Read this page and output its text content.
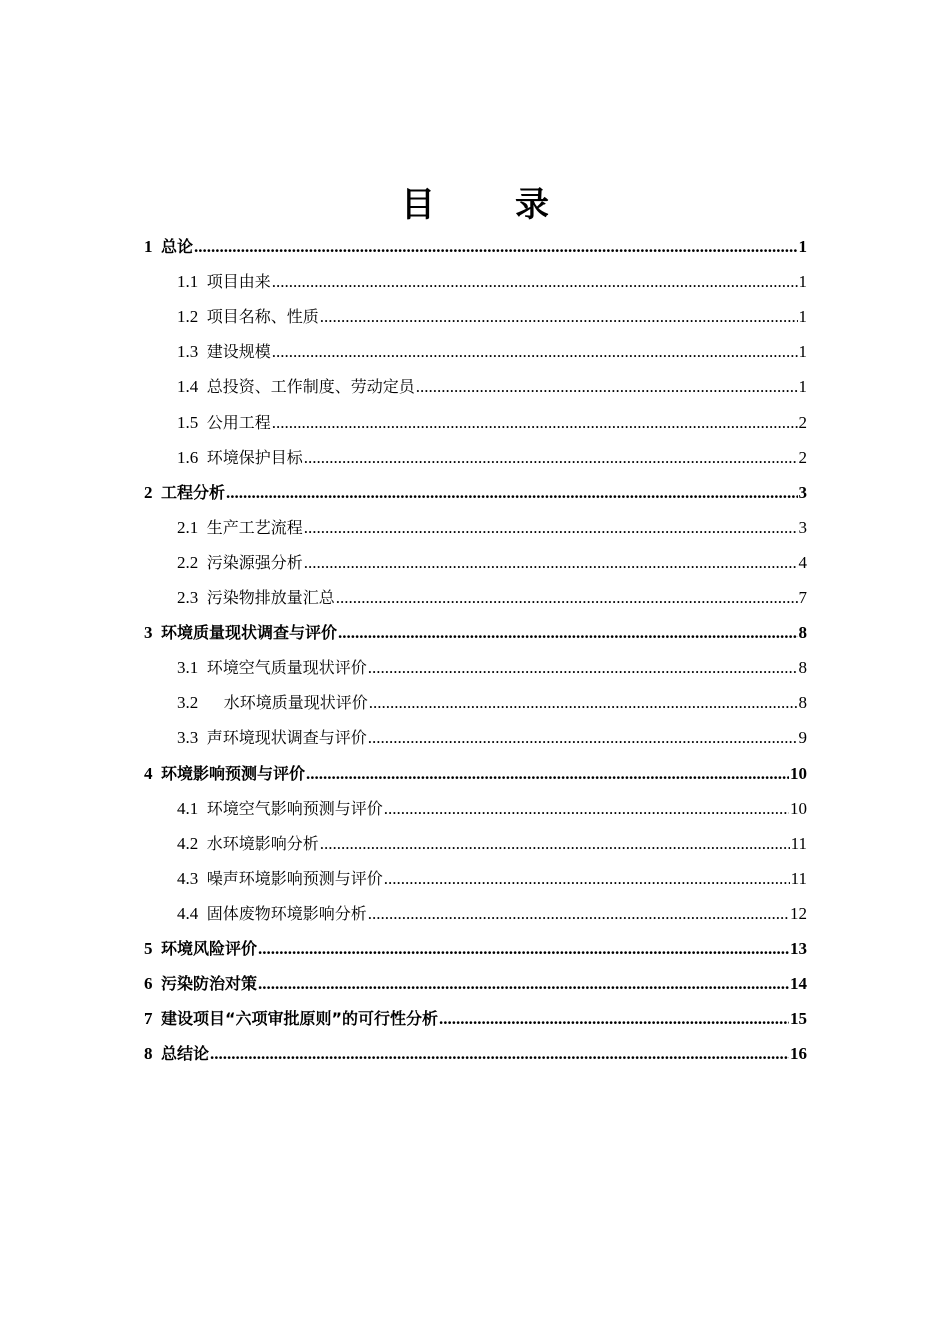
目 录
1 总论 .....	1
1.1 项目由来 .....	1
1.2 项目名称、性质 .....	1
1.3 建设规模 .....	1
1.4 总投资、工作制度、劳动定员 .....	1
1.5 公用工程 .....	2
1.6 环境保护目标 .....	2
2 工程分析 .....	3
2.1 生产工艺流程 .....	3
2.2 污染源强分析 .....	4
2.3 污染物排放量汇总 .....	7
3 环境质量现状调查与评价 .....	8
3.1 环境空气质量现状评价 .....	8
3.2 水环境质量现状评价 .....	8
3.3 声环境现状调查与评价 .....	9
4 环境影响预测与评价 .....	10
4.1 环境空气影响预测与评价 .....	10
4.2 水环境影响分析 .....	11
4.3 噪声环境影响预测与评价 .....	11
4.4 固体废物环境影响分析 .....	12
5 环境风险评价 .....	13
6 污染防治对策 .....	14
7 建设项目“六项审批原则”的可行性分析 .....	15
8 总结论 .....	16
